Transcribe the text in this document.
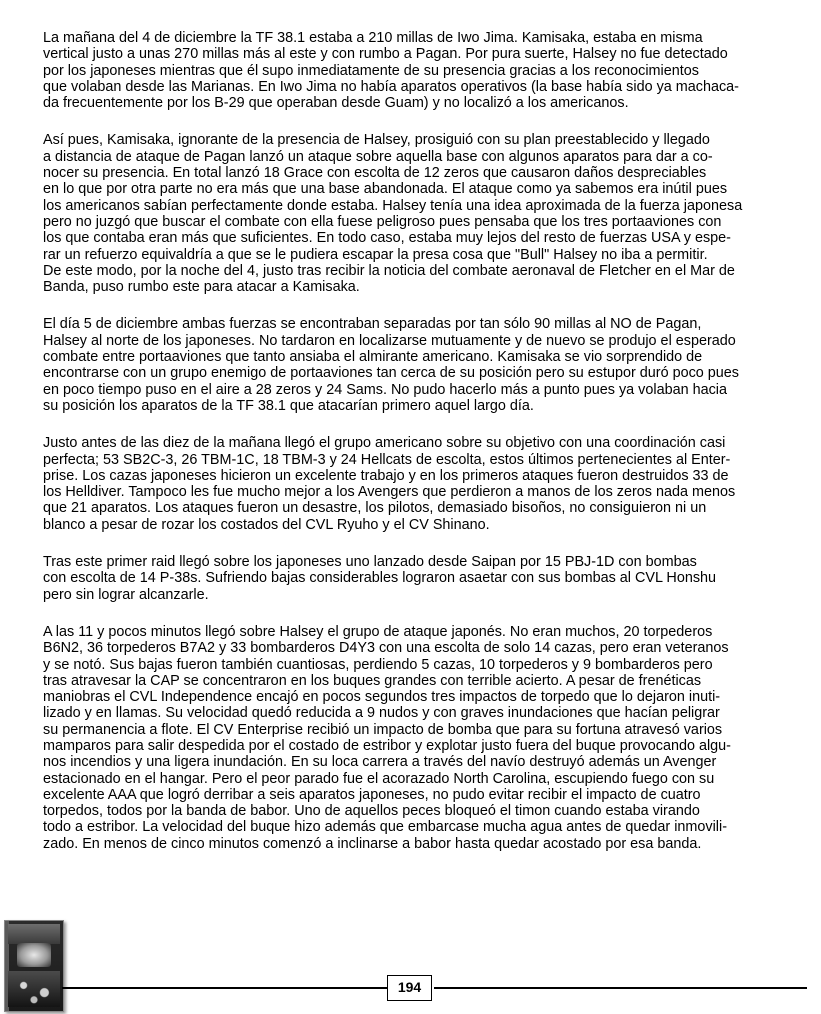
La mañana del 4 de diciembre la TF 38.1 estaba a 210 millas de Iwo Jima. Kamisaka, estaba en misma
vertical justo a unas 270 millas más al este y con rumbo a Pagan. Por pura suerte, Halsey no fue detectado
por los japoneses mientras que él supo inmediatamente de su presencia gracias a los reconocimientos
que volaban desde las Marianas. En Iwo Jima no había aparatos operativos (la base había sido ya machaca-
da frecuentemente por los B-29 que operaban desde Guam) y no localizó a los americanos.

Así pues, Kamisaka, ignorante de la presencia de Halsey, prosiguió con su plan preestablecido y llegado
a distancia de ataque de Pagan lanzó un ataque sobre aquella base con algunos aparatos para dar a co-
nocer su presencia. En total lanzó 18 Grace con escolta de 12 zeros que causaron daños despreciables
en lo que por otra parte no era más que una base abandonada. El ataque como ya sabemos era inútil pues
los americanos sabían perfectamente donde estaba. Halsey tenía una idea aproximada de la fuerza japonesa
pero no juzgó que buscar el combate con ella fuese peligroso pues pensaba que los tres portaaviones con
los que contaba eran más que suficientes. En todo caso, estaba muy lejos del resto de fuerzas USA y espe-
rar un refuerzo equivaldría a que se le pudiera escapar la presa cosa que "Bull" Halsey no iba a permitir.
De este modo, por la noche del 4, justo tras recibir la noticia del combate aeronaval de Fletcher en el Mar de
Banda, puso rumbo este para atacar a Kamisaka.

El día 5 de diciembre ambas fuerzas se encontraban separadas por tan sólo 90 millas al NO de Pagan,
Halsey al norte de los japoneses. No tardaron en localizarse mutuamente y de nuevo se produjo el esperado
combate entre portaaviones que tanto ansiaba el almirante americano. Kamisaka se vio sorprendido de
encontrarse con un grupo enemigo de portaaviones tan cerca de su posición pero su estupor duró poco pues
en poco tiempo puso en el aire a 28 zeros y 24 Sams. No pudo hacerlo más a punto pues ya volaban hacia
su posición los aparatos de la TF 38.1 que atacarían primero aquel largo día.

Justo antes de las diez de la mañana llegó el grupo americano sobre su objetivo con una coordinación casi
perfecta; 53 SB2C-3, 26 TBM-1C, 18 TBM-3 y 24 Hellcats de escolta, estos últimos pertenecientes al Enter-
prise. Los cazas japoneses hicieron un excelente trabajo y en los primeros ataques fueron destruidos 33 de
los Helldiver. Tampoco les fue mucho mejor a los Avengers que perdieron a manos de los zeros nada menos
que 21 aparatos. Los ataques fueron un desastre, los pilotos, demasiado bisoños, no consiguieron ni un
blanco a pesar de rozar los costados del CVL Ryuho y el CV Shinano.

Tras este primer raid llegó sobre los japoneses uno lanzado desde Saipan por 15 PBJ-1D con bombas
con escolta de 14 P-38s. Sufriendo bajas considerables lograron asaetar con sus bombas al CVL Honshu
pero sin lograr alcanzarle.

A las 11 y pocos minutos llegó sobre Halsey el grupo de ataque japonés. No eran muchos, 20 torpederos
B6N2, 36 torpederos B7A2 y 33 bombarderos D4Y3 con una escolta de solo 14 cazas, pero eran veteranos
y se notó. Sus bajas fueron también cuantiosas, perdiendo 5 cazas, 10 torpederos y 9 bombarderos pero
tras atravesar la CAP se concentraron en los buques grandes con terrible acierto. A pesar de frenéticas
maniobras el CVL Independence encajó en pocos segundos tres impactos de torpedo que lo dejaron inuti-
lizado y en llamas. Su velocidad quedó reducida a 9 nudos y con graves inundaciones que hacían peligrar
su permanencia a flote. El CV Enterprise recibió un impacto de bomba que para su fortuna atravesó varios
mamparos para salir despedida por el costado de estribor y explotar justo fuera del buque provocando algu-
nos incendios y una ligera inundación. En su loca carrera a través del navío destruyó además un Avenger
estacionado en el hangar. Pero el peor parado fue el acorazado North Carolina, escupiendo fuego con su
excelente AAA que logró derribar a seis aparatos japoneses, no pudo evitar recibir el impacto de cuatro
torpedos, todos por la banda de babor. Uno de aquellos peces bloqueó el timon cuando estaba virando
todo a estribor. La velocidad del buque hizo además que embarcase mucha agua antes de quedar inmovili-
zado. En menos de cinco minutos comenzó a inclinarse a babor hasta quedar acostado por esa banda.

194
